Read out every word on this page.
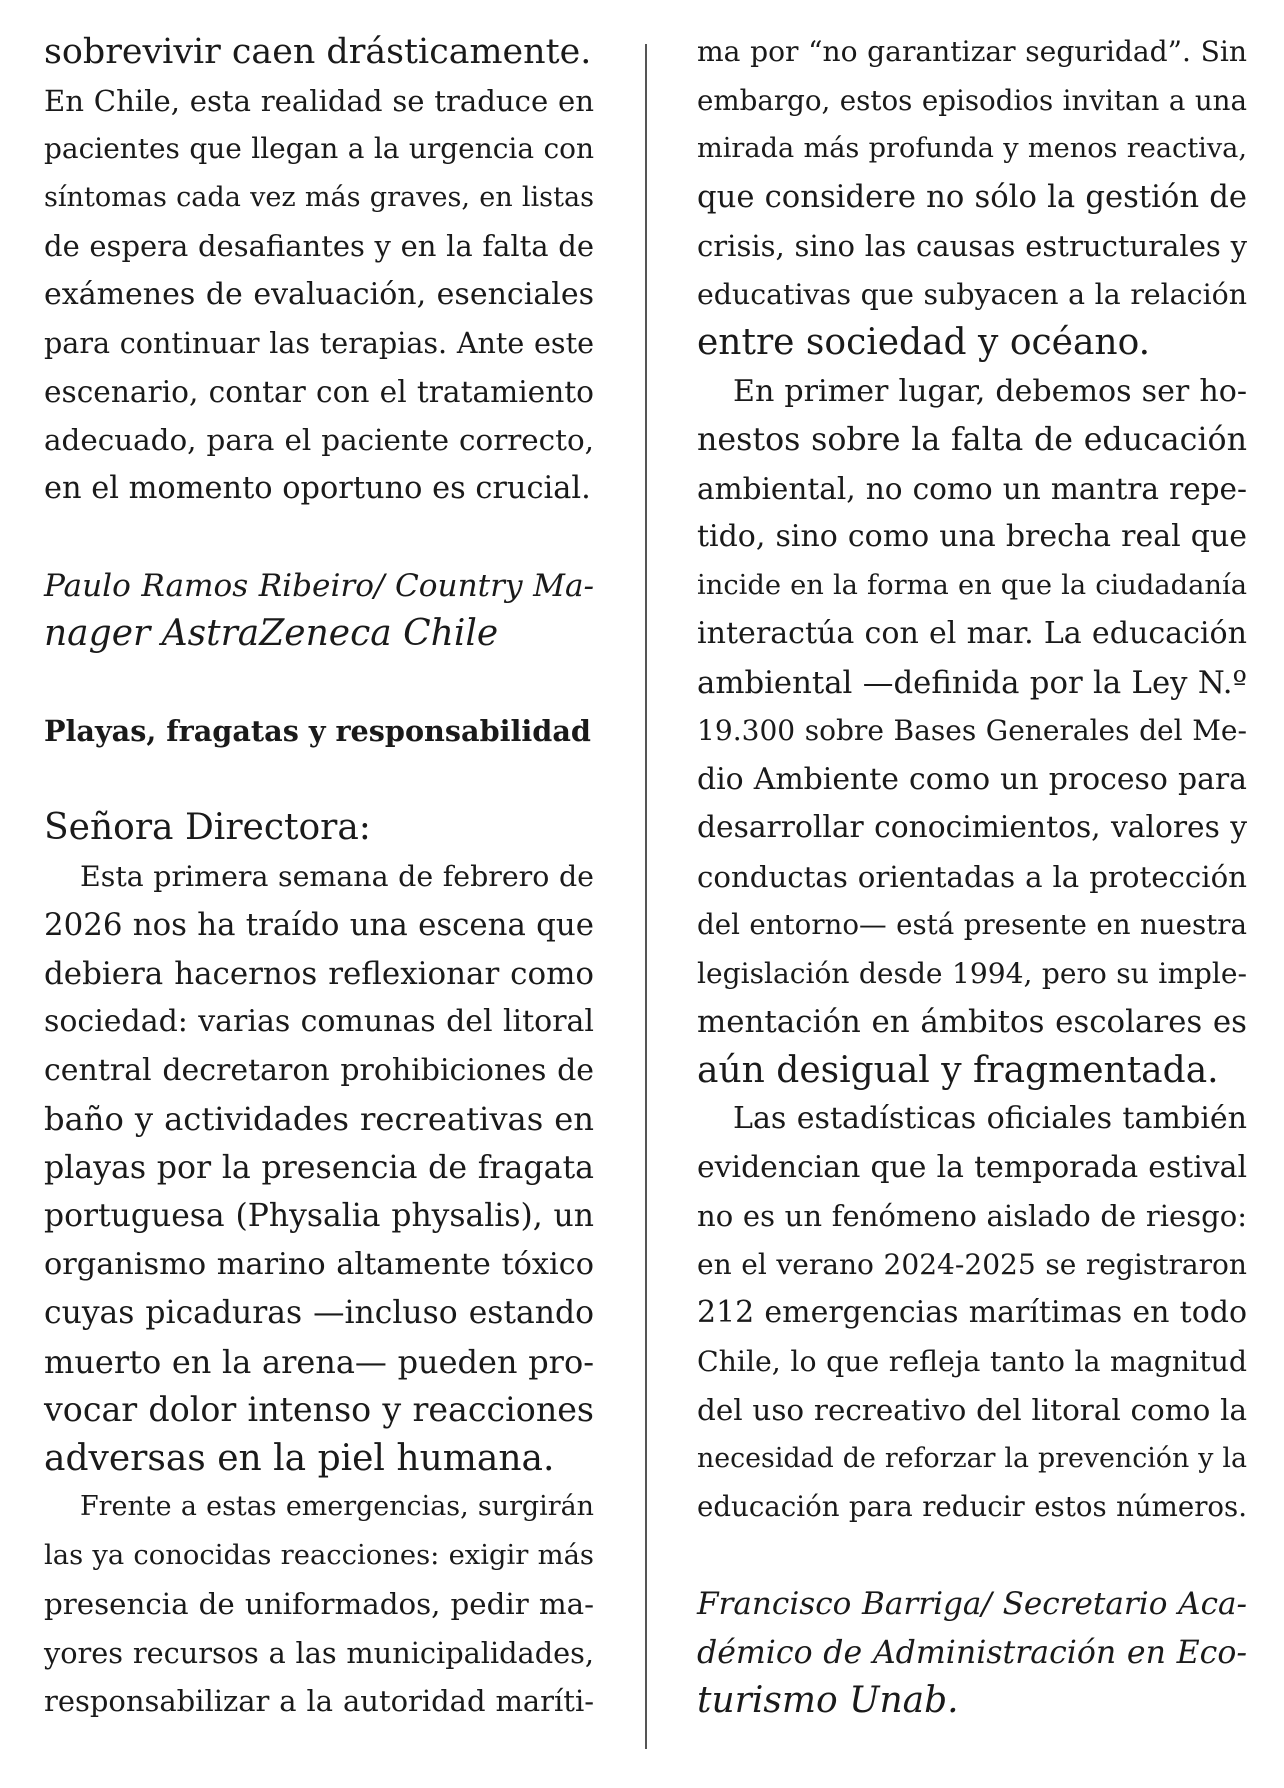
sobrevivir caen drásticamente.
En Chile, esta realidad se traduce en
pacientes que llegan a la urgencia con
síntomas cada vez más graves, en listas
de espera desafiantes y en la falta de
exámenes de evaluación, esenciales
para continuar las terapias. Ante este
escenario, contar con el tratamiento
adecuado, para el paciente correcto,
en el momento oportuno es crucial.
Paulo Ramos Ribeiro/ Country Ma-
nager AstraZeneca Chile
Playas, fragatas y responsabilidad
Señora Directora:
Esta primera semana de febrero de
2026 nos ha traído una escena que
debiera hacernos reflexionar como
sociedad: varias comunas del litoral
central decretaron prohibiciones de
baño y actividades recreativas en
playas por la presencia de fragata
portuguesa (Physalia physalis), un
organismo marino altamente tóxico
cuyas picaduras —incluso estando
muerto en la arena— pueden pro-
vocar dolor intenso y reacciones
adversas en la piel humana.
Frente a estas emergencias, surgirán
las ya conocidas reacciones: exigir más
presencia de uniformados, pedir ma-
yores recursos a las municipalidades,
responsabilizar a la autoridad maríti-
ma por “no garantizar seguridad”. Sin
embargo, estos episodios invitan a una
mirada más profunda y menos reactiva,
que considere no sólo la gestión de
crisis, sino las causas estructurales y
educativas que subyacen a la relación
entre sociedad y océano.
En primer lugar, debemos ser ho-
nestos sobre la falta de educación
ambiental, no como un mantra repe-
tido, sino como una brecha real que
incide en la forma en que la ciudadanía
interactúa con el mar. La educación
ambiental —definida por la Ley N.º
19.300 sobre Bases Generales del Me-
dio Ambiente como un proceso para
desarrollar conocimientos, valores y
conductas orientadas a la protección
del entorno— está presente en nuestra
legislación desde 1994, pero su imple-
mentación en ámbitos escolares es
aún desigual y fragmentada.
Las estadísticas oficiales también
evidencian que la temporada estival
no es un fenómeno aislado de riesgo:
en el verano 2024-2025 se registraron
212 emergencias marítimas en todo
Chile, lo que refleja tanto la magnitud
del uso recreativo del litoral como la
necesidad de reforzar la prevención y la
educación para reducir estos números.
Francisco Barriga/ Secretario Aca-
démico de Administración en Eco-
turismo Unab.
